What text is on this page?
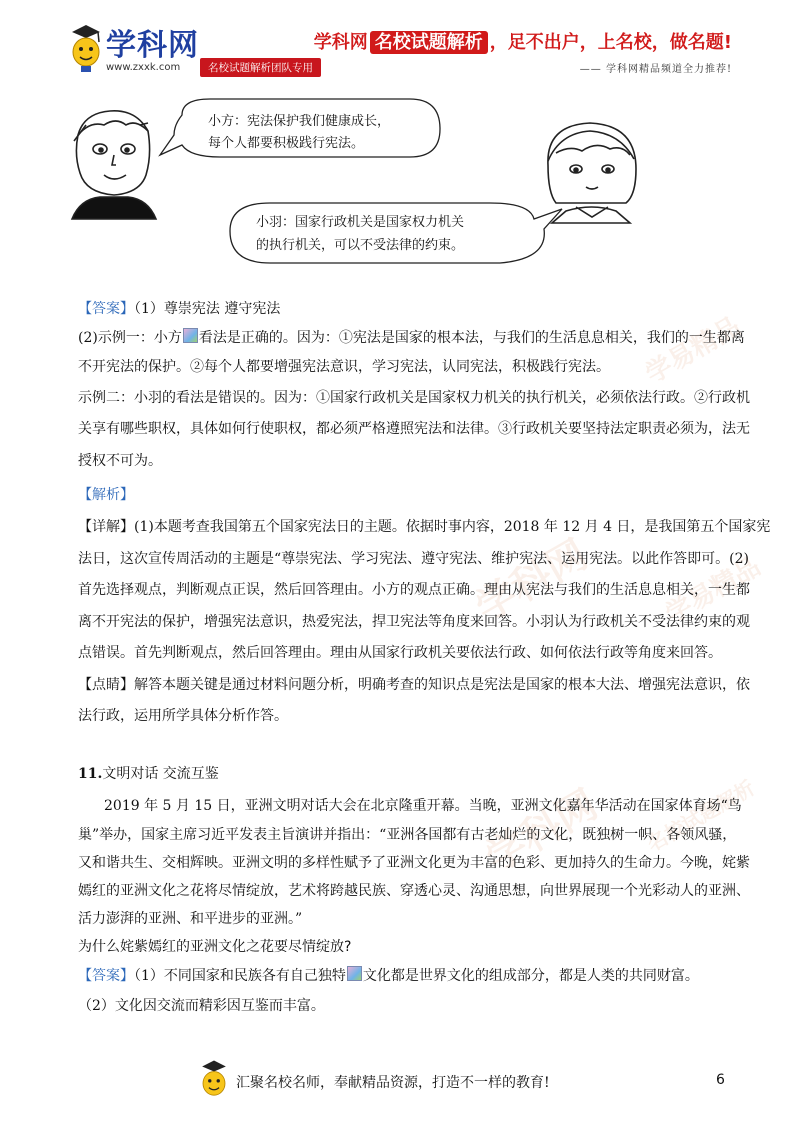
学易精品
学科网	学易精品
学科网 名校试题解析
学科网
www.zxxk.com	名校试题解析团队专用
学科网 名校试题解析 ，足不出户，上名校，做名题!
—— 学科网精品频道全力推荐!
小方：宪法保护我们健康成长，
每个人都要积极践行宪法。
小羽：国家行政机关是国家权力机关
的执行机关，可以不受法律的约束。
【答案】（1）尊崇宪法 遵守宪法
(2)示例一：小方 看法是正确的。因为：①宪法是国家的根本法，与我们的生活息息相关，我们的一生都离
不开宪法的保护。②每个人都要增强宪法意识，学习宪法，认同宪法，积极践行宪法。
示例二：小羽的看法是错误的。因为：①国家行政机关是国家权力机关的执行机关，必须依法行政。②行政机
关享有哪些职权，具体如何行使职权，都必须严格遵照宪法和法律。③行政机关要坚持法定职责必须为，法无
授权不可为。
【解析】
【详解】(1)本题考查我国第五个国家宪法日的主题。依据时事内容，2018 年 12 月 4 日，是我国第五个国家宪
法日，这次宣传周活动的主题是“尊崇宪法、学习宪法、遵守宪法、维护宪法、运用宪法。以此作答即可。(2)
首先选择观点，判断观点正误，然后回答理由。小方的观点正确。理由从宪法与我们的生活息息相关，一生都
离不开宪法的保护，增强宪法意识，热爱宪法，捍卫宪法等角度来回答。小羽认为行政机关不受法律约束的观
点错误。首先判断观点，然后回答理由。理由从国家行政机关要依法行政、如何依法行政等角度来回答。
【点睛】解答本题关键是通过材料问题分析，明确考查的知识点是宪法是国家的根本大法、增强宪法意识，依
法行政，运用所学具体分析作答。
11.文明对话 交流互鉴
2019 年 5 月 15 日，亚洲文明对话大会在北京隆重开幕。当晚，亚洲文化嘉年华活动在国家体育场“鸟
巢”举办，国家主席习近平发表主旨演讲并指出：“亚洲各国都有古老灿烂的文化，既独树一帜、各领风骚，
又和谐共生、交相辉映。亚洲文明的多样性赋予了亚洲文化更为丰富的色彩、更加持久的生命力。今晚，姹紫
嫣红的亚洲文化之花将尽情绽放，艺术将跨越民族、穿透心灵、沟通思想，向世界展现一个光彩动人的亚洲、
活力澎湃的亚洲、和平进步的亚洲。”
为什么姹紫嫣红的亚洲文化之花要尽情绽放?
【答案】（1）不同国家和民族各有自己独特 文化都是世界文化的组成部分，都是人类的共同财富。
（2）文化因交流而精彩因互鉴而丰富。
汇聚名校名师，奉献精品资源，打造不一样的教育!	6
